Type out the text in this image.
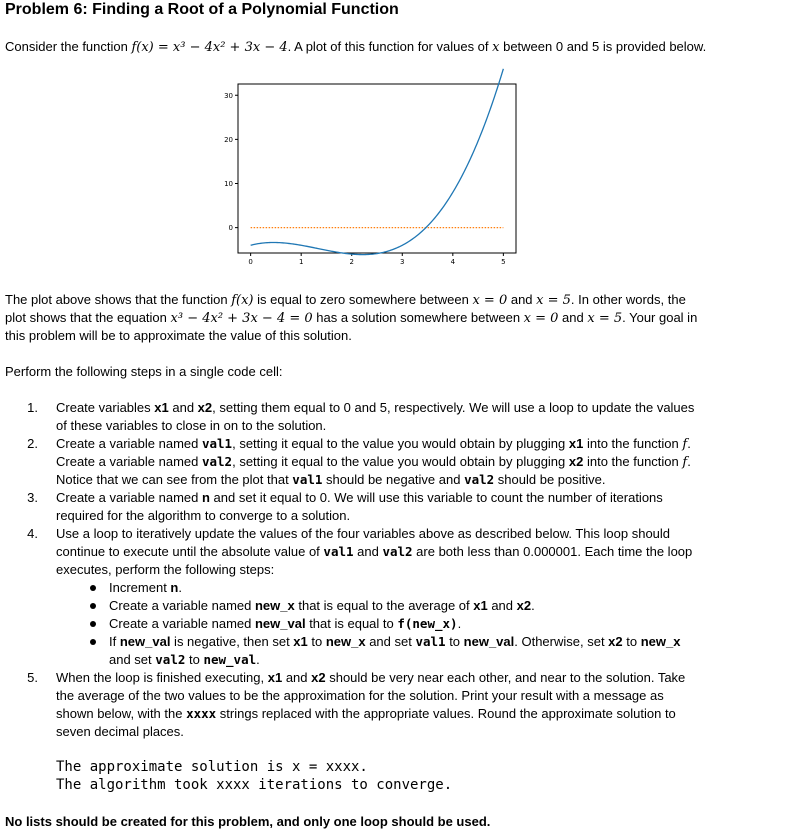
Problem 6: Finding a Root of a Polynomial Function
Consider the function f(x) = x³ − 4x² + 3x − 4. A plot of this function for values of x between 0 and 5 is provided below.
0
10
20
30
0	1	2	3	4	5
The plot above shows that the function f(x) is equal to zero somewhere between x = 0 and x = 5. In other words, the
plot shows that the equation x³ − 4x² + 3x − 4 = 0 has a solution somewhere between x = 0 and x = 5. Your goal in
this problem will be to approximate the value of this solution.
Perform the following steps in a single code cell:
1. Create variables x1 and x2, setting them equal to 0 and 5, respectively. We will use a loop to update the values
of these variables to close in on to the solution.
2. Create a variable named val1, setting it equal to the value you would obtain by plugging x1 into the function f.
Create a variable named val2, setting it equal to the value you would obtain by plugging x2 into the function f.
Notice that we can see from the plot that val1 should be negative and val2 should be positive.
3. Create a variable named n and set it equal to 0. We will use this variable to count the number of iterations
required for the algorithm to converge to a solution.
4. Use a loop to iteratively update the values of the four variables above as described below. This loop should
continue to execute until the absolute value of val1 and val2 are both less than 0.000001. Each time the loop
executes, perform the following steps:
Increment n.
Create a variable named new_x that is equal to the average of x1 and x2.
Create a variable named new_val that is equal to f(new_x).
If new_val is negative, then set x1 to new_x and set val1 to new_val. Otherwise, set x2 to new_x
and set val2 to new_val.
5. When the loop is finished executing, x1 and x2 should be very near each other, and near to the solution. Take
the average of the two values to be the approximation for the solution. Print your result with a message as
shown below, with the xxxx strings replaced with the appropriate values. Round the approximate solution to
seven decimal places.
The approximate solution is x = xxxx.
The algorithm took xxxx iterations to converge.
No lists should be created for this problem, and only one loop should be used.
